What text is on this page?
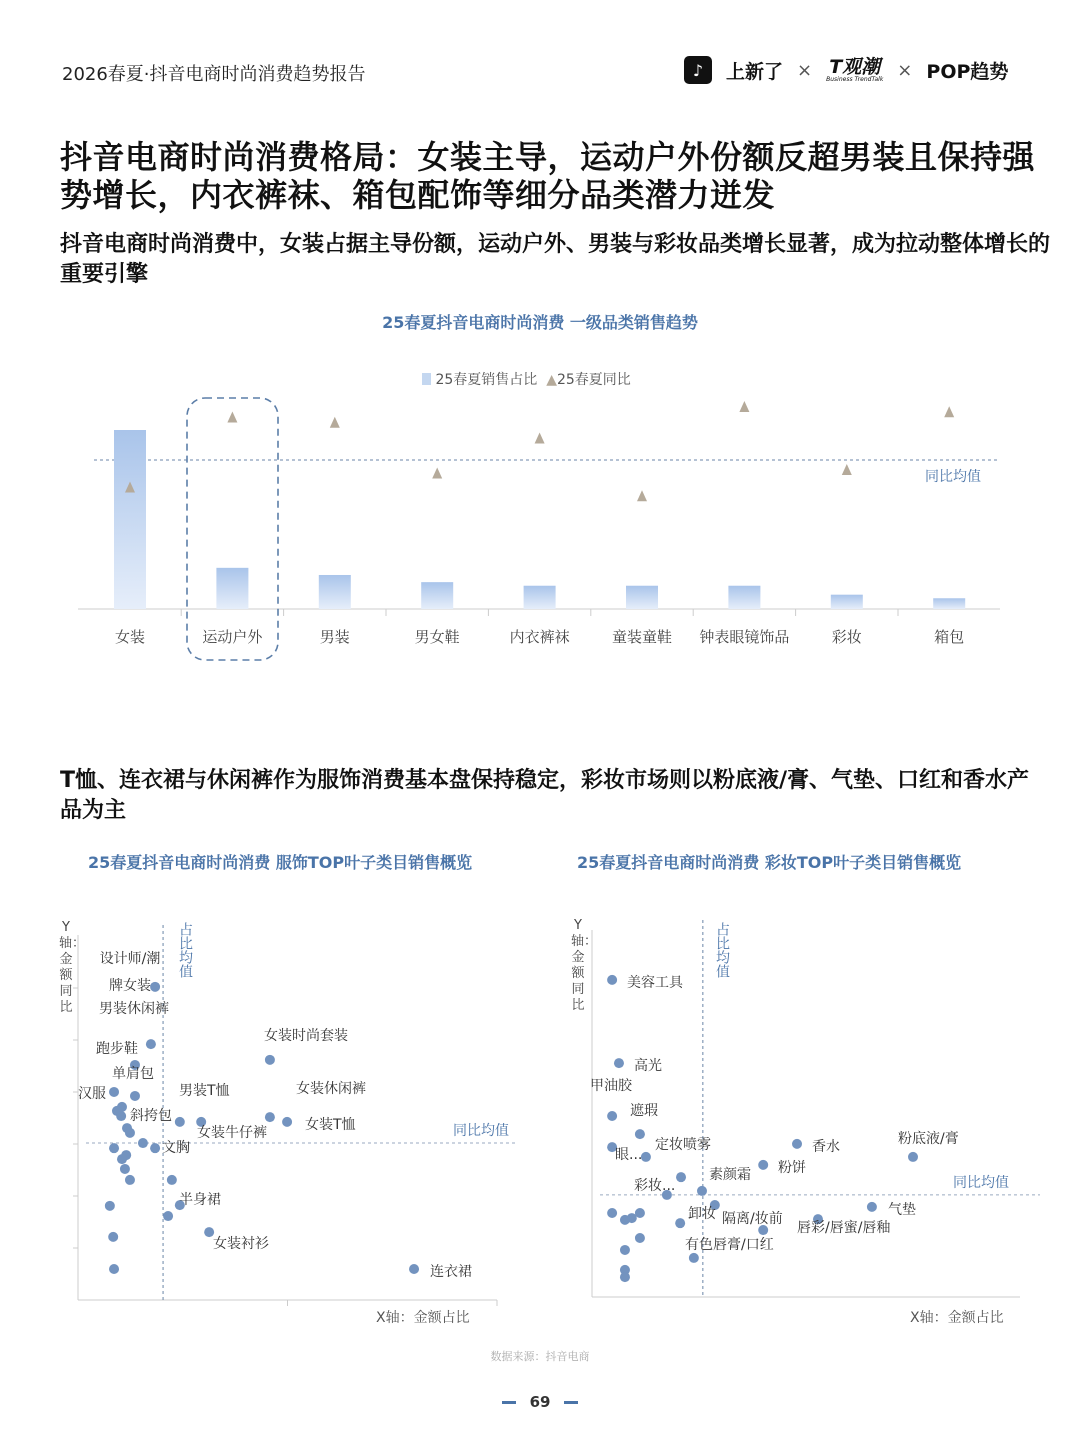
2026春夏·抖音电商时尚消费趋势报告	♪	上新了 × T观潮
Business TrendTalk × POP趋势
抖音电商时尚消费格局：女装主导，运动户外份额反超男装且保持强势增长，内衣裤袜、箱包配饰等细分品类潜力迸发
抖音电商时尚消费中，女装占据主导份额，运动户外、男装与彩妆品类增长显著，成为拉动整体增长的重要引擎
25春夏抖音电商时尚消费 一级品类销售趋势
25春夏销售占比 ▲25春夏同比
同比均值
女装	运动户外	男装	男女鞋	内衣裤袜	童装童鞋	钟表眼镜饰品	彩妆	箱包
T恤、连衣裙与休闲裤作为服饰消费基本盘保持稳定，彩妆市场则以粉底液/膏、气垫、口红和香水产品为主
25春夏抖音电商时尚消费 服饰TOP叶子类目销售概览	25春夏抖音电商时尚消费 彩妆TOP叶子类目销售概览
Y轴：金额同比
占比均值
同比均值
X轴：金额占比
设计师/潮牌女装
男装休闲裤
跑步鞋
汉服
单肩包
斜挎包
文胸
半身裙
女装衬衫
连衣裙
男装T恤
女装牛仔裤
女装时尚套装
女装休闲裤
女装T恤
Y轴：金额同比
占比均值
同比均值
X轴：金额占比
美容工具
高光
甲油胶
遮瑕
眼...
定妆喷雾
彩妆...
卸妆
素颜霜 粉饼
香水	粉底液/膏
气垫
唇彩/唇蜜/唇釉
隔离/妆前
有色唇膏/口红
数据来源：抖音电商
69
